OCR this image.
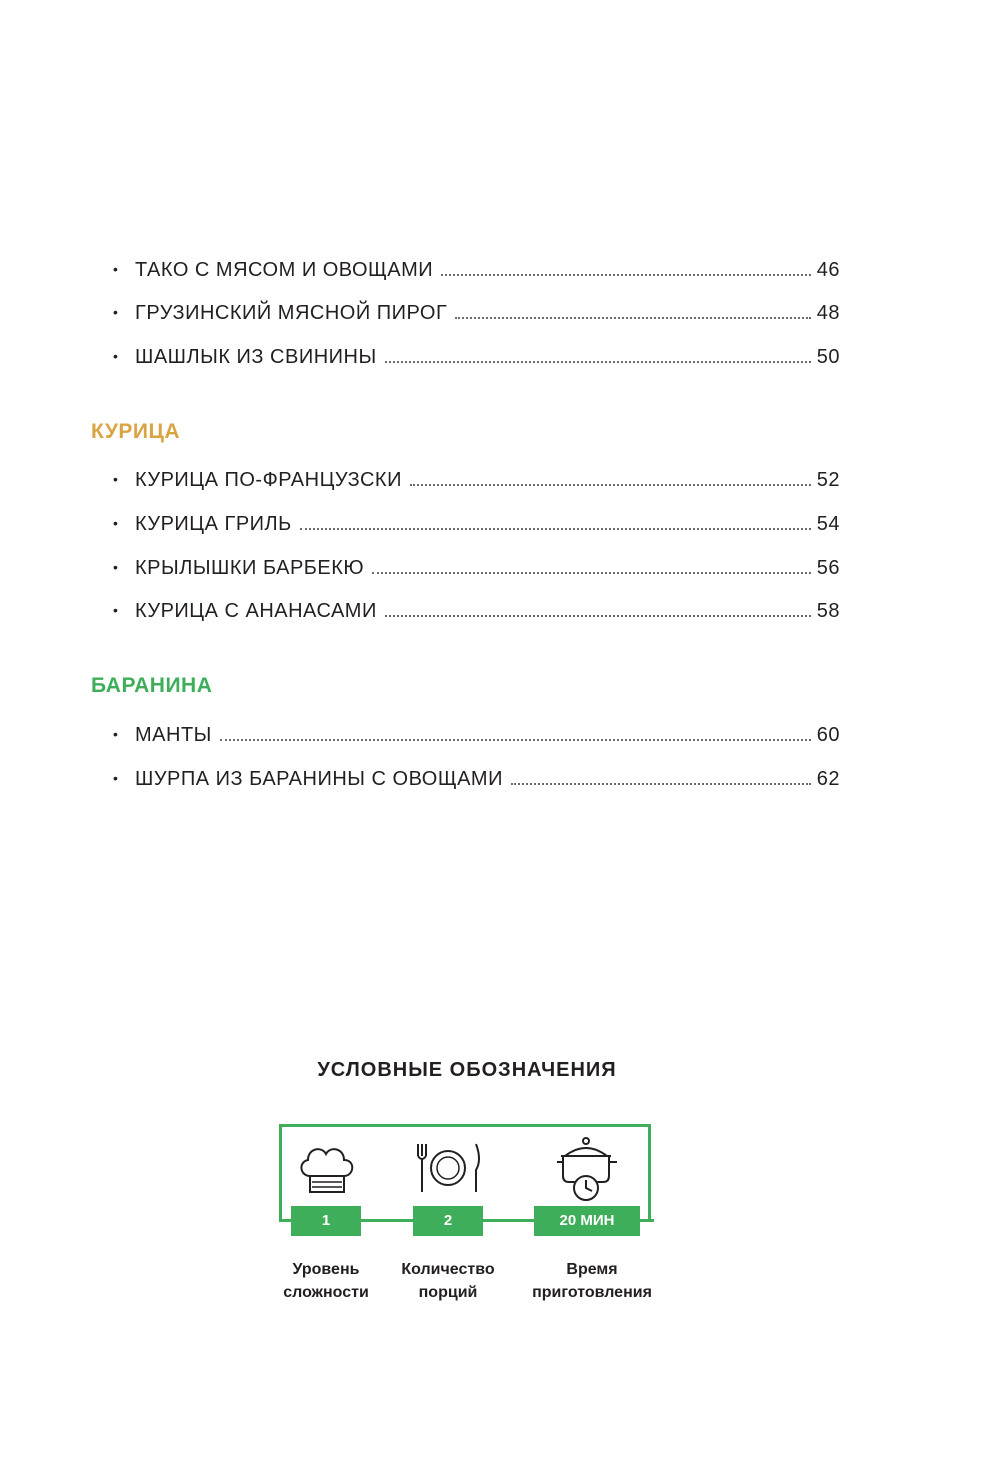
• ТАКО С МЯСОМ И ОВОЩАМИ	46
• ГРУЗИНСКИЙ МЯСНОЙ ПИРОГ	48
• ШАШЛЫК ИЗ СВИНИНЫ	50
КУРИЦА
• КУРИЦА ПО-ФРАНЦУЗСКИ	52
• КУРИЦА ГРИЛЬ	54
• КРЫЛЫШКИ БАРБЕКЮ	56
• КУРИЦА С АНАНАСАМИ	58
БАРАНИНА
• МАНТЫ	60
• ШУРПА ИЗ БАРАНИНЫ С ОВОЩАМИ	62
УСЛОВНЫЕ ОБОЗНАЧЕНИЯ
1	2	20 МИН
Уровень
сложности
Количество
порций
Время
приготовления
